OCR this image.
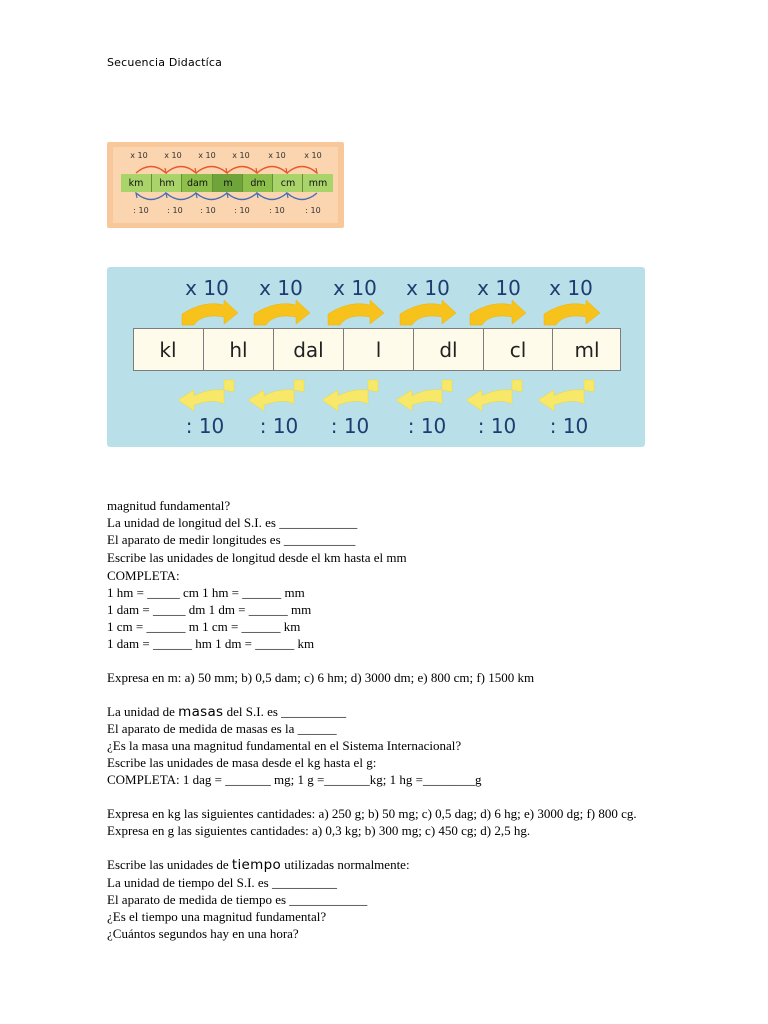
Secuencia Didactíca
x 10	x 10	x 10	x 10	x 10	x 10
km	hm	dam	m	dm	cm	mm
: 10	: 10	: 10	: 10	: 10	: 10
x 10	x 10	x 10	x 10	x 10	x 10
kl	hl	dal	l	dl	cl	ml
: 10	: 10	: 10	: 10	: 10	: 10
magnitud fundamental?
La unidad de longitud del S.I. es ____________
El aparato de medir longitudes es ___________
Escribe las unidades de longitud desde el km hasta el mm
COMPLETA:
1 hm = _____ cm 1 hm = ______ mm
1 dam = _____ dm 1 dm = ______ mm
1 cm = ______ m 1 cm = ______ km
1 dam = ______ hm 1 dm = ______ km
Expresa en m: a) 50 mm; b) 0,5 dam; c) 6 hm; d) 3000 dm; e) 800 cm; f) 1500 km
La unidad de masas del S.I. es __________
El aparato de medida de masas es la ______
¿Es la masa una magnitud fundamental en el Sistema Internacional?
Escribe las unidades de masa desde el kg hasta el g:
COMPLETA: 1 dag = _______ mg; 1 g =_______kg; 1 hg =________g
Expresa en kg las siguientes cantidades: a) 250 g; b) 50 mg; c) 0,5 dag; d) 6 hg; e) 3000 dg; f) 800 cg.
Expresa en g las siguientes cantidades: a) 0,3 kg; b) 300 mg; c) 450 cg; d) 2,5 hg.
Escribe las unidades de tiempo utilizadas normalmente:
La unidad de tiempo del S.I. es __________
El aparato de medida de tiempo es ____________
¿Es el tiempo una magnitud fundamental?
¿Cuántos segundos hay en una hora?
